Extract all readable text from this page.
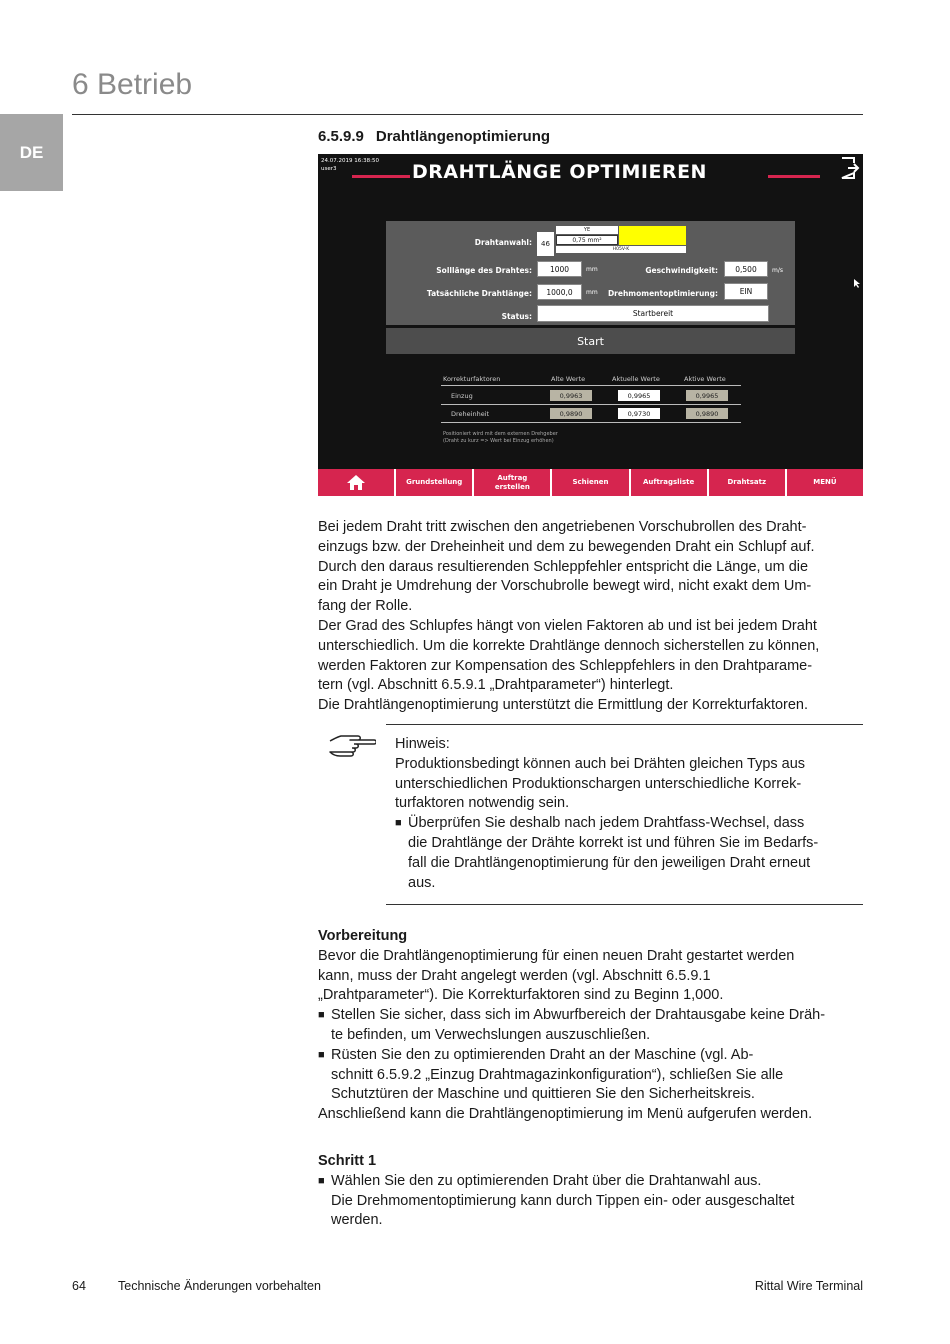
6 Betrieb
DE
6.5.9.9 Drahtlängenoptimierung
24.07.2019 16:38:50
user3	DRAHTLÄNGE OPTIMIEREN
Drahtanwahl:	46
YE
0,75 mm²
H05V-K
Solllänge des Drahtes:	1000	mm	Geschwindigkeit:	0,500	m/s
Tatsächliche Drahtlänge:	1000,0	mm Drehmomentoptimierung:	EIN
Status:	Startbereit
Start
Korrekturfaktoren	Alte Werte	Aktuelle Werte	Aktive Werte
Einzug	0,9963	0,9965	0,9965
Dreheinheit	0,9890	0,9730	0,9890
Positioniert wird mit dem externen Drehgeber
(Draht zu kurz => Wert bei Einzug erhöhen)
Grundstellung
Auftrag
erstellen
Schienen	Auftragsliste	Drahtsatz	MENÜ

Bei jedem Draht tritt zwischen den angetriebenen Vorschubrollen des Draht-

einzugs bzw. der Dreheinheit und dem zu bewegenden Draht ein Schlupf auf.

Durch den daraus resultierenden Schleppfehler entspricht die Länge, um die

ein Draht je Umdrehung der Vorschubrolle bewegt wird, nicht exakt dem Um-

fang der Rolle.

Der Grad des Schlupfes hängt von vielen Faktoren ab und ist bei jedem Draht

unterschiedlich. Um die korrekte Drahtlänge dennoch sicherstellen zu können,

werden Faktoren zur Kompensation des Schleppfehlers in den Drahtparame-

tern (vgl. Abschnitt 6.5.9.1 „Drahtparameter“) hinterlegt.

Die Drahtlängenoptimierung unterstützt die Ermittlung der Korrekturfaktoren.

Hinweis:

Produktionsbedingt können auch bei Drähten gleichen Typs aus

unterschiedlichen Produktionschargen unterschiedliche Korrek-

turfaktoren notwendig sein.

■ Überprüfen Sie deshalb nach jedem Drahtfass-Wechsel, dass

die Drahtlänge der Drähte korrekt ist und führen Sie im Bedarfs-

fall die Drahtlängenoptimierung für den jeweiligen Draht erneut

aus.

Vorbereitung

Bevor die Drahtlängenoptimierung für einen neuen Draht gestartet werden

kann, muss der Draht angelegt werden (vgl. Abschnitt 6.5.9.1

„Drahtparameter“). Die Korrekturfaktoren sind zu Beginn 1,000.

■ Stellen Sie sicher, dass sich im Abwurfbereich der Drahtausgabe keine Dräh-

te befinden, um Verwechslungen auszuschließen.

■ Rüsten Sie den zu optimierenden Draht an der Maschine (vgl. Ab-

schnitt 6.5.9.2 „Einzug Drahtmagazinkonfiguration“), schließen Sie alle

Schutztüren der Maschine und quittieren Sie den Sicherheitskreis.

Anschließend kann die Drahtlängenoptimierung im Menü aufgerufen werden.

Schritt 1

■ Wählen Sie den zu optimierenden Draht über die Drahtanwahl aus.

Die Drehmomentoptimierung kann durch Tippen ein- oder ausgeschaltet

werden.

64	Technische Änderungen vorbehalten	Rittal Wire Terminal
